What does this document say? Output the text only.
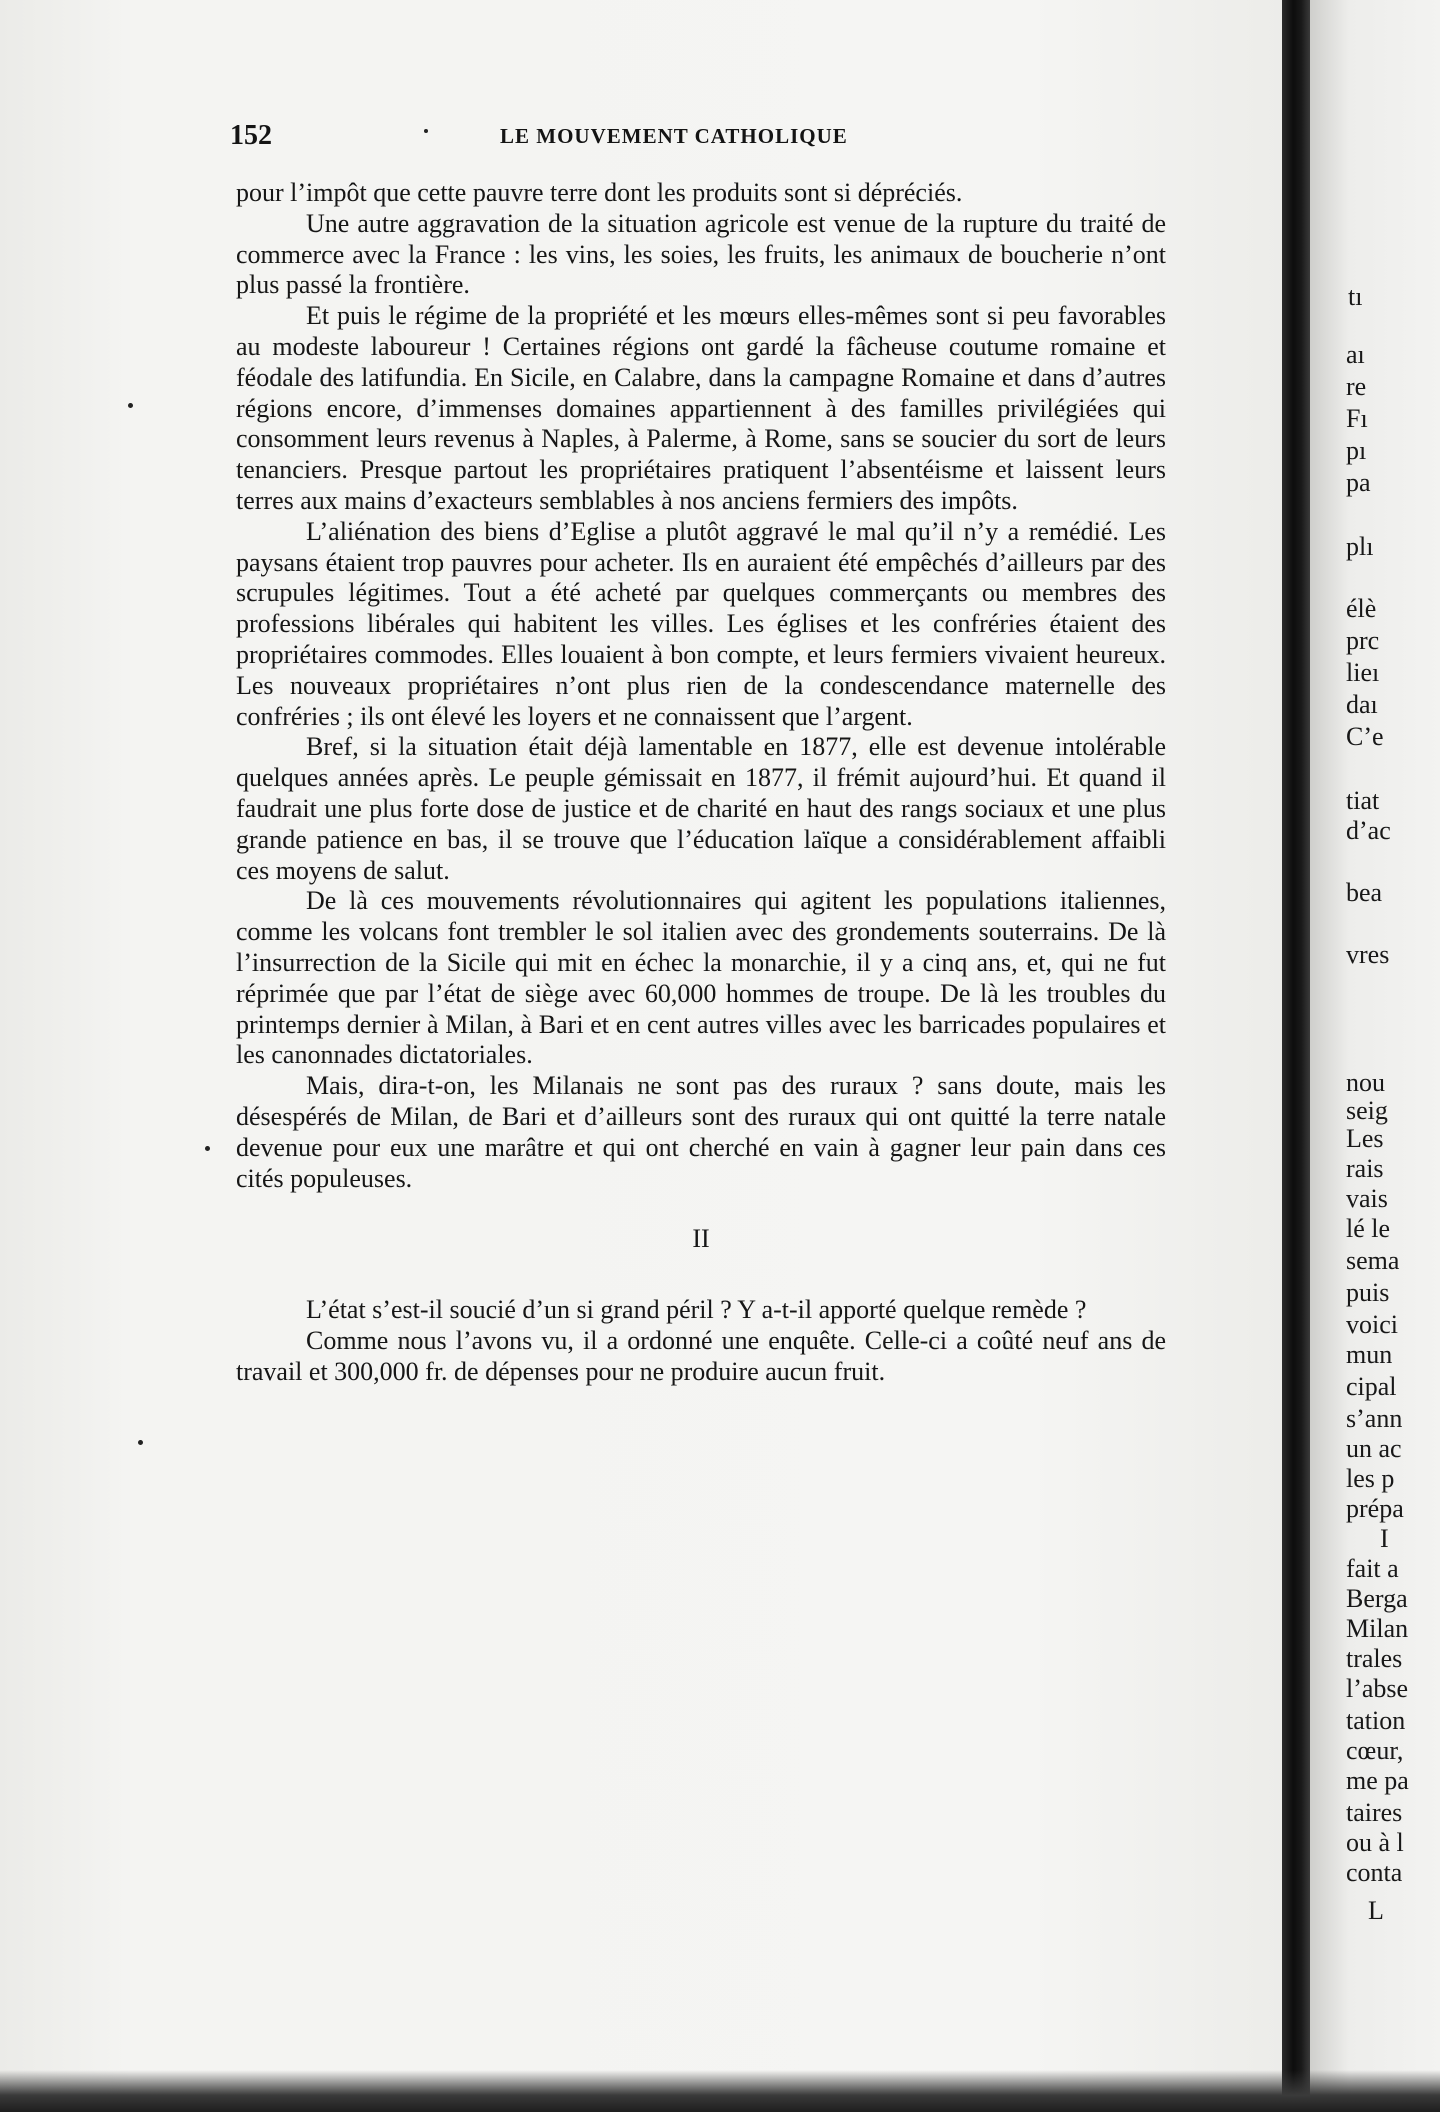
152	LE MOUVEMENT CATHOLIQUE

pour l’impôt que cette pauvre terre dont les produits sont si dépréciés.

Une autre aggravation de la situation agricole est venue de la rupture du traité de commerce avec la France : les vins, les soies, les fruits, les animaux de boucherie n’ont plus passé la frontière.

Et puis le régime de la propriété et les mœurs elles-mêmes sont si peu favorables au modeste laboureur ! Certaines régions ont gardé la fâcheuse coutume romaine et féodale des latifundia. En Sicile, en Calabre, dans la campagne Romaine et dans d’autres régions encore, d’immenses domaines appartiennent à des familles privilégiées qui consomment leurs revenus à Naples, à Palerme, à Rome, sans se soucier du sort de leurs tenanciers. Presque partout les propriétaires pratiquent l’absentéisme et laissent leurs terres aux mains d’exacteurs semblables à nos anciens fermiers des impôts.

L’aliénation des biens d’Eglise a plutôt aggravé le mal qu’il n’y a remédié. Les paysans étaient trop pauvres pour acheter. Ils en auraient été empêchés d’ailleurs par des scrupules légitimes. Tout a été acheté par quelques commerçants ou membres des professions libérales qui habitent les villes. Les églises et les confréries étaient des propriétaires commodes. Elles louaient à bon compte, et leurs fermiers vivaient heureux. Les nouveaux propriétaires n’ont plus rien de la condescendance maternelle des confréries ; ils ont élevé les loyers et ne connaissent que l’argent.

Bref, si la situation était déjà lamentable en 1877, elle est devenue intolérable quelques années après. Le peuple gémissait en 1877, il frémit aujourd’hui. Et quand il faudrait une plus forte dose de justice et de charité en haut des rangs sociaux et une plus grande patience en bas, il se trouve que l’éducation laïque a considérablement affaibli ces moyens de salut.

De là ces mouvements révolutionnaires qui agitent les populations italiennes, comme les volcans font trembler le sol italien avec des grondements souterrains. De là l’insurrection de la Sicile qui mit en échec la monarchie, il y a cinq ans, et, qui ne fut réprimée que par l’état de siège avec 60,000 hommes de troupe. De là les troubles du printemps dernier à Milan, à Bari et en cent autres villes avec les barricades populaires et les canonnades dictatoriales.

Mais, dira-t-on, les Milanais ne sont pas des ruraux ? sans doute, mais les désespérés de Milan, de Bari et d’ailleurs sont des ruraux qui ont quitté la terre natale devenue pour eux une marâtre et qui ont cherché en vain à gagner leur pain dans ces cités populeuses.

II

L’état s’est-il soucié d’un si grand péril ? Y a-t-il apporté quelque remède ?

Comme nous l’avons vu, il a ordonné une enquête. Celle-ci a coûté neuf ans de travail et 300,000 fr. de dépenses pour ne produire aucun fruit.

tı
aı
re
Fı
pı
pa
plı
élè
prc
lieı
daı
C’e
tiat
d’ac
bea
vres
nou
seig
Les
rais
vais
lé le
sema
puis
voici
mun
cipal
s’ann
un ac
les p
prépa
I
fait a
Berga
Milan
trales
l’abse
tation
cœur,
me pa
taires
ou à l
conta
L
